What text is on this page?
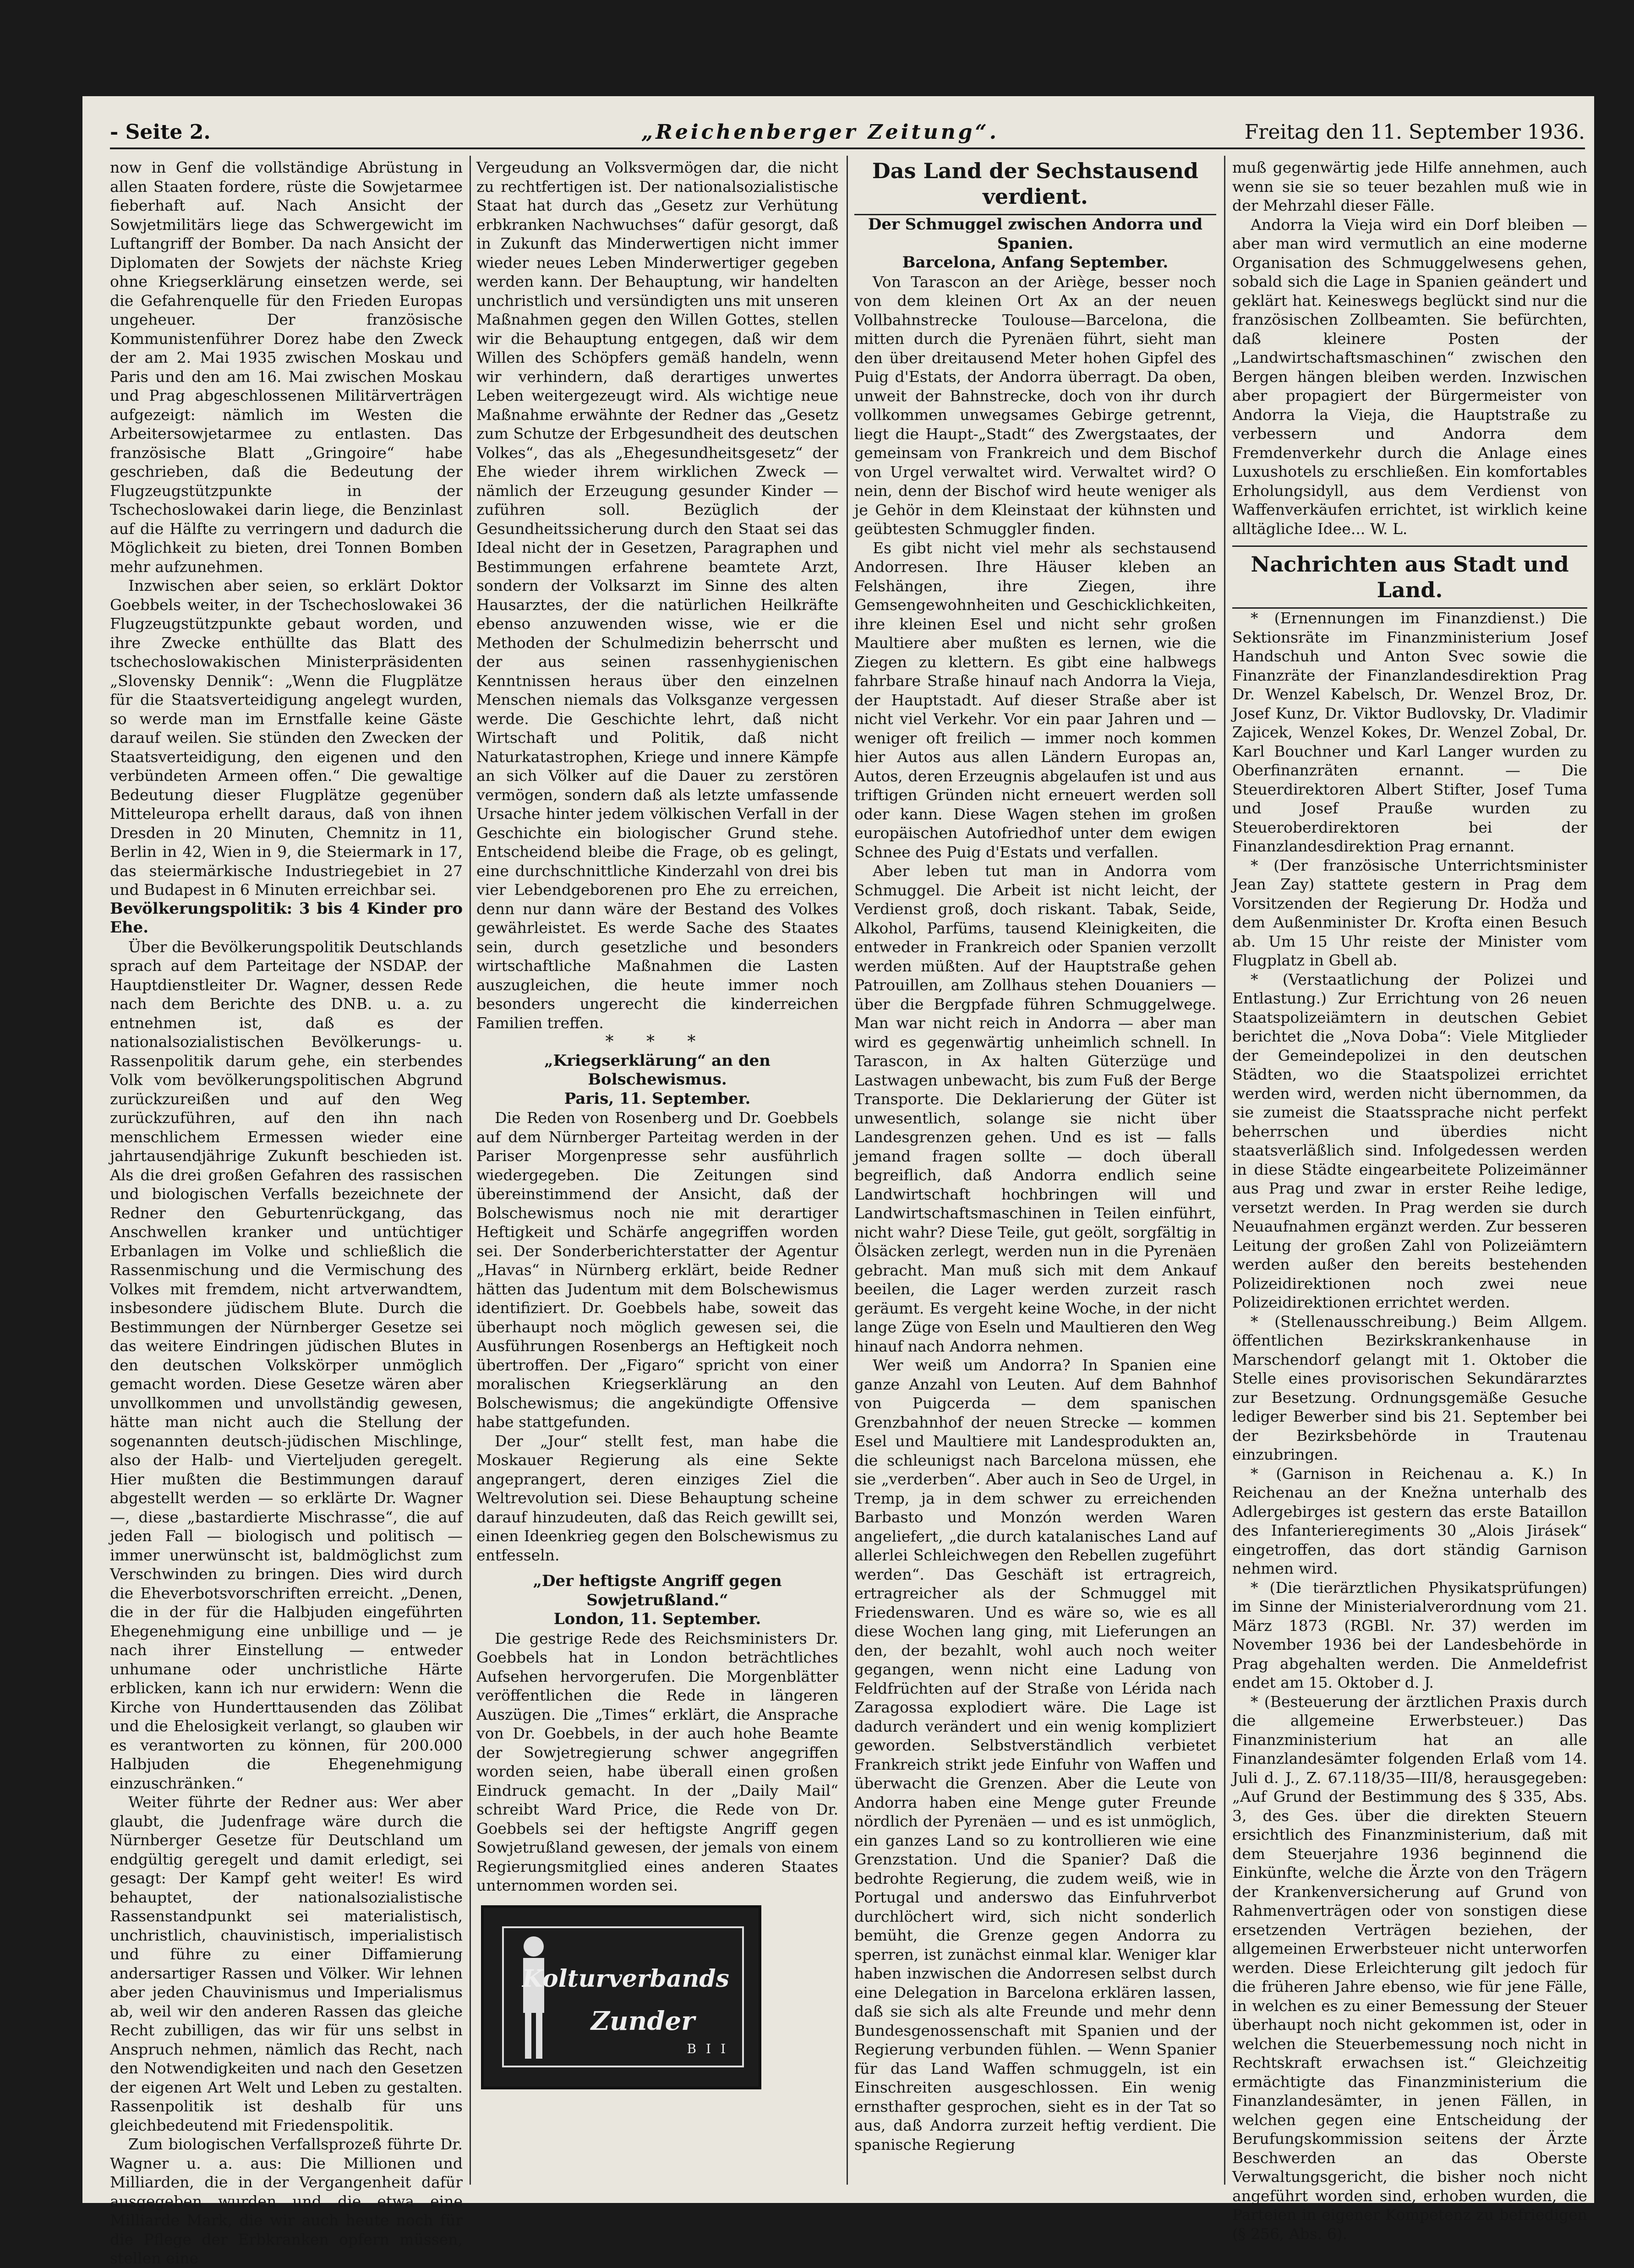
- Seite 2.	„Reichenberger Zeitung“.	Freitag den 11. September 1936.

now in Genf die vollständige Abrüstung in allen Staaten fordere, rüste die Sowjetarmee fieberhaft auf. Nach Ansicht der Sowjetmilitärs liege das Schwergewicht im Luftangriff der Bomber. Da nach Ansicht der Diplomaten der Sowjets der nächste Krieg ohne Kriegserklärung einsetzen werde, sei die Gefahrenquelle für den Frieden Europas ungeheuer. Der französische Kommunistenführer Dorez habe den Zweck der am 2. Mai 1935 zwischen Moskau und Paris und den am 16. Mai zwischen Moskau und Prag abgeschlossenen Militärverträgen aufgezeigt: nämlich im Westen die Arbeitersowjetarmee zu entlasten. Das französische Blatt „Gringoire“ habe geschrieben, daß die Bedeutung der Flugzeugstützpunkte in der Tschechoslowakei darin liege, die Benzinlast auf die Hälfte zu verringern und dadurch die Möglichkeit zu bieten, drei Tonnen Bomben mehr aufzunehmen.

Inzwischen aber seien, so erklärt Doktor Goebbels weiter, in der Tschechoslowakei 36 Flugzeugstützpunkte gebaut worden, und ihre Zwecke enthüllte das Blatt des tschechoslowakischen Ministerpräsidenten „Slovensky Dennik“: „Wenn die Flugplätze für die Staatsverteidigung angelegt wurden, so werde man im Ernstfalle keine Gäste darauf weilen. Sie stünden den Zwecken der Staatsverteidigung, den eigenen und den verbündeten Armeen offen.“ Die gewaltige Bedeutung dieser Flugplätze gegenüber Mitteleuropa erhellt daraus, daß von ihnen Dresden in 20 Minuten, Chemnitz in 11, Berlin in 42, Wien in 9, die Steiermark in 17, das steiermärkische Industriegebiet in 27 und Budapest in 6 Minuten erreichbar sei.

Bevölkerungspolitik: 3 bis 4 Kinder pro Ehe.

Über die Bevölkerungspolitik Deutschlands sprach auf dem Parteitage der NSDAP. der Hauptdienstleiter Dr. Wagner, dessen Rede nach dem Berichte des DNB. u. a. zu entnehmen ist, daß es der nationalsozialistischen Bevölkerungs- u. Rassenpolitik darum gehe, ein sterbendes Volk vom bevölkerungspolitischen Abgrund zurückzureißen und auf den Weg zurückzuführen, auf den ihn nach menschlichem Ermessen wieder eine jahrtausendjährige Zukunft beschieden ist. Als die drei großen Gefahren des rassischen und biologischen Verfalls bezeichnete der Redner den Geburtenrückgang, das Anschwellen kranker und untüchtiger Erbanlagen im Volke und schließlich die Rassenmischung und die Vermischung des Volkes mit fremdem, nicht artverwandtem, insbesondere jüdischem Blute. Durch die Bestimmungen der Nürnberger Gesetze sei das weitere Eindringen jüdischen Blutes in den deutschen Volkskörper unmöglich gemacht worden. Diese Gesetze wären aber unvollkommen und unvollständig gewesen, hätte man nicht auch die Stellung der sogenannten deutsch-jüdischen Mischlinge, also der Halb- und Vierteljuden geregelt. Hier mußten die Bestimmungen darauf abgestellt werden — so erklärte Dr. Wagner —, diese „bastardierte Mischrasse“, die auf jeden Fall — biologisch und politisch — immer unerwünscht ist, baldmöglichst zum Verschwinden zu bringen. Dies wird durch die Eheverbotsvorschriften erreicht. „Denen, die in der für die Halbjuden eingeführten Ehegenehmigung eine unbillige und — je nach ihrer Einstellung — entweder unhumane oder unchristliche Härte erblicken, kann ich nur erwidern: Wenn die Kirche von Hunderttausenden das Zölibat und die Ehelosigkeit verlangt, so glauben wir es verantworten zu können, für 200.000 Halbjuden die Ehegenehmigung einzuschränken.“

Weiter führte der Redner aus: Wer aber glaubt, die Judenfrage wäre durch die Nürnberger Gesetze für Deutschland um endgültig geregelt und damit erledigt, sei gesagt: Der Kampf geht weiter! Es wird behauptet, der nationalsozialistische Rassenstandpunkt sei materialistisch, unchristlich, chauvinistisch, imperialistisch und führe zu einer Diffamierung andersartiger Rassen und Völker. Wir lehnen aber jeden Chauvinismus und Imperialismus ab, weil wir den anderen Rassen das gleiche Recht zubilligen, das wir für uns selbst in Anspruch nehmen, nämlich das Recht, nach den Notwendigkeiten und nach den Gesetzen der eigenen Art Welt und Leben zu gestalten. Rassenpolitik ist deshalb für uns gleichbedeutend mit Friedenspolitik.

Zum biologischen Verfallsprozeß führte Dr. Wagner u. a. aus: Die Millionen und Milliarden, die in der Vergangenheit dafür ausgegeben wurden und die etwa eine Milliarde Mark, die wir auch heute noch für die Pflege der Erbkranken opfern müssen, stellen eine

Vergeudung an Volksvermögen dar, die nicht zu rechtfertigen ist. Der nationalsozialistische Staat hat durch das „Gesetz zur Verhütung erbkranken Nachwuchses“ dafür gesorgt, daß in Zukunft das Minderwertigen nicht immer wieder neues Leben Minderwertiger gegeben werden kann. Der Behauptung, wir handelten unchristlich und versündigten uns mit unseren Maßnahmen gegen den Willen Gottes, stellen wir die Behauptung entgegen, daß wir dem Willen des Schöpfers gemäß handeln, wenn wir verhindern, daß derartiges unwertes Leben weitergezeugt wird. Als wichtige neue Maßnahme erwähnte der Redner das „Gesetz zum Schutze der Erbgesundheit des deutschen Volkes“, das als „Ehegesundheitsgesetz“ der Ehe wieder ihrem wirklichen Zweck — nämlich der Erzeugung gesunder Kinder — zuführen soll. Bezüglich der Gesundheitssicherung durch den Staat sei das Ideal nicht der in Gesetzen, Paragraphen und Bestimmungen erfahrene beamtete Arzt, sondern der Volksarzt im Sinne des alten Hausarztes, der die natürlichen Heilkräfte ebenso anzuwenden wisse, wie er die Methoden der Schulmedizin beherrscht und der aus seinen rassenhygienischen Kenntnissen heraus über den einzelnen Menschen niemals das Volksganze vergessen werde. Die Geschichte lehrt, daß nicht Wirtschaft und Politik, daß nicht Naturkatastrophen, Kriege und innere Kämpfe an sich Völker auf die Dauer zu zerstören vermögen, sondern daß als letzte umfassende Ursache hinter jedem völkischen Verfall in der Geschichte ein biologischer Grund stehe. Entscheidend bleibe die Frage, ob es gelingt, eine durchschnittliche Kinderzahl von drei bis vier Lebendgeborenen pro Ehe zu erreichen, denn nur dann wäre der Bestand des Volkes gewährleistet. Es werde Sache des Staates sein, durch gesetzliche und besonders wirtschaftliche Maßnahmen die Lasten auszugleichen, die heute immer noch besonders ungerecht die kinderreichen Familien treffen.

* * *

„Kriegserklärung“ an den Bolschewismus.

Paris, 11. September.

Die Reden von Rosenberg und Dr. Goebbels auf dem Nürnberger Parteitag werden in der Pariser Morgenpresse sehr ausführlich wiedergegeben. Die Zeitungen sind übereinstimmend der Ansicht, daß der Bolschewismus noch nie mit derartiger Heftigkeit und Schärfe angegriffen worden sei. Der Sonderberichterstatter der Agentur „Havas“ in Nürnberg erklärt, beide Redner hätten das Judentum mit dem Bolschewismus identifiziert. Dr. Goebbels habe, soweit das überhaupt noch möglich gewesen sei, die Ausführungen Rosenbergs an Heftigkeit noch übertroffen. Der „Figaro“ spricht von einer moralischen Kriegserklärung an den Bolschewismus; die angekündigte Offensive habe stattgefunden.

Der „Jour“ stellt fest, man habe die Moskauer Regierung als eine Sekte angeprangert, deren einziges Ziel die Weltrevolution sei. Diese Behauptung scheine darauf hinzudeuten, daß das Reich gewillt sei, einen Ideenkrieg gegen den Bolschewismus zu entfesseln.

„Der heftigste Angriff gegen Sowjetrußland.“

London, 11. September.

Die gestrige Rede des Reichsministers Dr. Goebbels hat in London beträchtliches Aufsehen hervorgerufen. Die Morgenblätter veröffentlichen die Rede in längeren Auszügen. Die „Times“ erklärt, die Ansprache von Dr. Goebbels, in der auch hohe Beamte der Sowjetregierung schwer angegriffen worden seien, habe überall einen großen Eindruck gemacht. In der „Daily Mail“ schreibt Ward Price, die Rede von Dr. Goebbels sei der heftigste Angriff gegen Sowjetrußland gewesen, der jemals von einem Regierungsmitglied eines anderen Staates unternommen worden sei.

Kolturverbands
Zunder
B I I

Das Land der Sechstausend verdient.

Der Schmuggel zwischen Andorra und Spanien.

Barcelona, Anfang September.

Von Tarascon an der Ariège, besser noch von dem kleinen Ort Ax an der neuen Vollbahnstrecke Toulouse—Barcelona, die mitten durch die Pyrenäen führt, sieht man den über dreitausend Meter hohen Gipfel des Puig d'Estats, der Andorra überragt. Da oben, unweit der Bahnstrecke, doch von ihr durch vollkommen unwegsames Gebirge getrennt, liegt die Haupt-„Stadt“ des Zwergstaates, der gemeinsam von Frankreich und dem Bischof von Urgel verwaltet wird. Verwaltet wird? O nein, denn der Bischof wird heute weniger als je Gehör in dem Kleinstaat der kühnsten und geübtesten Schmuggler finden.

Es gibt nicht viel mehr als sechstausend Andorresen. Ihre Häuser kleben an Felshängen, ihre Ziegen, ihre Gemsengewohnheiten und Geschicklichkeiten, ihre kleinen Esel und nicht sehr großen Maultiere aber mußten es lernen, wie die Ziegen zu klettern. Es gibt eine halbwegs fahrbare Straße hinauf nach Andorra la Vieja, der Hauptstadt. Auf dieser Straße aber ist nicht viel Verkehr. Vor ein paar Jahren und — weniger oft freilich — immer noch kommen hier Autos aus allen Ländern Europas an, Autos, deren Erzeugnis abgelaufen ist und aus triftigen Gründen nicht erneuert werden soll oder kann. Diese Wagen stehen im großen europäischen Autofriedhof unter dem ewigen Schnee des Puig d'Estats und verfallen.

Aber leben tut man in Andorra vom Schmuggel. Die Arbeit ist nicht leicht, der Verdienst groß, doch riskant. Tabak, Seide, Alkohol, Parfüms, tausend Kleinigkeiten, die entweder in Frankreich oder Spanien verzollt werden müßten. Auf der Hauptstraße gehen Patrouillen, am Zollhaus stehen Douaniers — über die Bergpfade führen Schmuggelwege. Man war nicht reich in Andorra — aber man wird es gegenwärtig unheimlich schnell. In Tarascon, in Ax halten Güterzüge und Lastwagen unbewacht, bis zum Fuß der Berge Transporte. Die Deklarierung der Güter ist unwesentlich, solange sie nicht über Landesgrenzen gehen. Und es ist — falls jemand fragen sollte — doch überall begreiflich, daß Andorra endlich seine Landwirtschaft hochbringen will und Landwirtschaftsmaschinen in Teilen einführt, nicht wahr? Diese Teile, gut geölt, sorgfältig in Ölsäcken zerlegt, werden nun in die Pyrenäen gebracht. Man muß sich mit dem Ankauf beeilen, die Lager werden zurzeit rasch geräumt. Es vergeht keine Woche, in der nicht lange Züge von Eseln und Maultieren den Weg hinauf nach Andorra nehmen.

Wer weiß um Andorra? In Spanien eine ganze Anzahl von Leuten. Auf dem Bahnhof von Puigcerda — dem spanischen Grenzbahnhof der neuen Strecke — kommen Esel und Maultiere mit Landesprodukten an, die schleunigst nach Barcelona müssen, ehe sie „verderben“. Aber auch in Seo de Urgel, in Tremp, ja in dem schwer zu erreichenden Barbasto und Monzón werden Waren angeliefert, „die durch katalanisches Land auf allerlei Schleichwegen den Rebellen zugeführt werden“. Das Geschäft ist ertragreich, ertragreicher als der Schmuggel mit Friedenswaren. Und es wäre so, wie es all diese Wochen lang ging, mit Lieferungen an den, der bezahlt, wohl auch noch weiter gegangen, wenn nicht eine Ladung von Feldfrüchten auf der Straße von Lérida nach Zaragossa explodiert wäre. Die Lage ist dadurch verändert und ein wenig kompliziert geworden. Selbstverständlich verbietet Frankreich strikt jede Einfuhr von Waffen und überwacht die Grenzen. Aber die Leute von Andorra haben eine Menge guter Freunde nördlich der Pyrenäen — und es ist unmöglich, ein ganzes Land so zu kontrollieren wie eine Grenzstation. Und die Spanier? Daß die bedrohte Regierung, die zudem weiß, wie in Portugal und anderswo das Einfuhrverbot durchlöchert wird, sich nicht sonderlich bemüht, die Grenze gegen Andorra zu sperren, ist zunächst einmal klar. Weniger klar haben inzwischen die Andorresen selbst durch eine Delegation in Barcelona erklären lassen, daß sie sich als alte Freunde und mehr denn Bundesgenossenschaft mit Spanien und der Regierung verbunden fühlen. — Wenn Spanier für das Land Waffen schmuggeln, ist ein Einschreiten ausgeschlossen. Ein wenig ernsthafter gesprochen, sieht es in der Tat so aus, daß Andorra zurzeit heftig verdient. Die spanische Regierung

muß gegenwärtig jede Hilfe annehmen, auch wenn sie sie so teuer bezahlen muß wie in der Mehrzahl dieser Fälle.

Andorra la Vieja wird ein Dorf bleiben — aber man wird vermutlich an eine moderne Organisation des Schmuggelwesens gehen, sobald sich die Lage in Spanien geändert und geklärt hat. Keineswegs beglückt sind nur die französischen Zollbeamten. Sie befürchten, daß kleinere Posten der „Landwirtschaftsmaschinen“ zwischen den Bergen hängen bleiben werden. Inzwischen aber propagiert der Bürgermeister von Andorra la Vieja, die Hauptstraße zu verbessern und Andorra dem Fremdenverkehr durch die Anlage eines Luxushotels zu erschließen. Ein komfortables Erholungsidyll, aus dem Verdienst von Waffenverkäufen errichtet, ist wirklich keine alltägliche Idee... W. L.

Nachrichten aus Stadt und Land.

* (Ernennungen im Finanzdienst.) Die Sektionsräte im Finanzministerium Josef Handschuh und Anton Svec sowie die Finanzräte der Finanzlandesdirektion Prag Dr. Wenzel Kabelsch, Dr. Wenzel Broz, Dr. Josef Kunz, Dr. Viktor Budlovsky, Dr. Vladimir Zajicek, Wenzel Kokes, Dr. Wenzel Zobal, Dr. Karl Bouchner und Karl Langer wurden zu Oberfinanzräten ernannt. — Die Steuerdirektoren Albert Stifter, Josef Tuma und Josef Prauße wurden zu Steueroberdirektoren bei der Finanzlandesdirektion Prag ernannt.

* (Der französische Unterrichtsminister Jean Zay) stattete gestern in Prag dem Vorsitzenden der Regierung Dr. Hodža und dem Außenminister Dr. Krofta einen Besuch ab. Um 15 Uhr reiste der Minister vom Flugplatz in Gbell ab.

* (Verstaatlichung der Polizei und Entlastung.) Zur Errichtung von 26 neuen Staatspolizeiämtern in deutschen Gebiet berichtet die „Nova Doba“: Viele Mitglieder der Gemeindepolizei in den deutschen Städten, wo die Staatspolizei errichtet werden wird, werden nicht übernommen, da sie zumeist die Staatssprache nicht perfekt beherrschen und überdies nicht staatsverläßlich sind. Infolgedessen werden in diese Städte eingearbeitete Polizeimänner aus Prag und zwar in erster Reihe ledige, versetzt werden. In Prag werden sie durch Neuaufnahmen ergänzt werden. Zur besseren Leitung der großen Zahl von Polizeiämtern werden außer den bereits bestehenden Polizeidirektionen noch zwei neue Polizeidirektionen errichtet werden.

* (Stellenausschreibung.) Beim Allgem. öffentlichen Bezirkskrankenhause in Marschendorf gelangt mit 1. Oktober die Stelle eines provisorischen Sekundärarztes zur Besetzung. Ordnungsgemäße Gesuche lediger Bewerber sind bis 21. September bei der Bezirksbehörde in Trautenau einzubringen.

* (Garnison in Reichenau a. K.) In Reichenau an der Knežna unterhalb des Adlergebirges ist gestern das erste Bataillon des Infanterieregiments 30 „Alois Jirásek“ eingetroffen, das dort ständig Garnison nehmen wird.

* (Die tierärztlichen Physikatsprüfungen) im Sinne der Ministerialverordnung vom 21. März 1873 (RGBl. Nr. 37) werden im November 1936 bei der Landesbehörde in Prag abgehalten werden. Die Anmeldefrist endet am 15. Oktober d. J.

* (Besteuerung der ärztlichen Praxis durch die allgemeine Erwerbsteuer.) Das Finanzministerium hat an alle Finanzlandesämter folgenden Erlaß vom 14. Juli d. J., Z. 67.118/35—III/8, herausgegeben: „Auf Grund der Bestimmung des § 335, Abs. 3, des Ges. über die direkten Steuern ersichtlich des Finanzministerium, daß mit dem Steuerjahre 1936 beginnend die Einkünfte, welche die Ärzte von den Trägern der Krankenversicherung auf Grund von Rahmenverträgen oder von sonstigen diese ersetzenden Verträgen beziehen, der allgemeinen Erwerbsteuer nicht unterworfen werden. Diese Erleichterung gilt jedoch für die früheren Jahre ebenso, wie für jene Fälle, in welchen es zu einer Bemessung der Steuer überhaupt noch nicht gekommen ist, oder in welchen die Steuerbemessung noch nicht in Rechtskraft erwachsen ist.“ Gleichzeitig ermächtigte das Finanzministerium die Finanzlandesämter, in jenen Fällen, in welchen gegen eine Entscheidung der Berufungskommission seitens der Ärzte Beschwerden an das Oberste Verwaltungsgericht, die bisher noch nicht angeführt worden sind, erhoben wurden, die Parteien in eigener Kompetenz zu befriedigen (§ 256, Abs. 6).
